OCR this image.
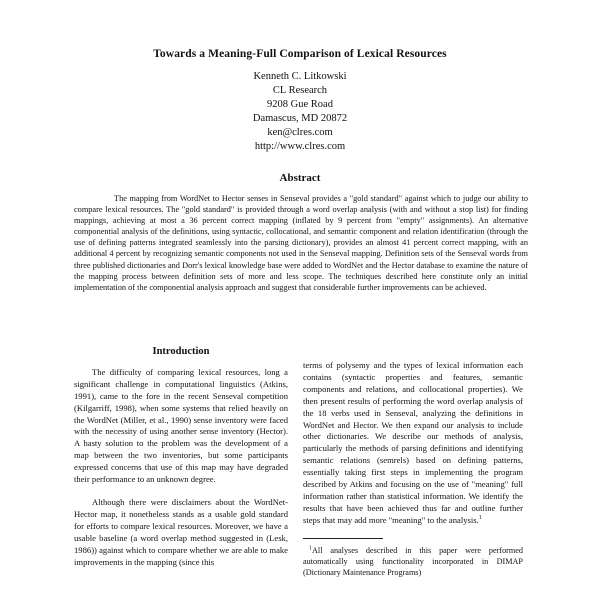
Towards a Meaning-Full Comparison of Lexical Resources
Kenneth C. Litkowski
CL Research
9208 Gue Road
Damascus, MD 20872
ken@clres.com
http://www.clres.com
Abstract

The mapping from WordNet to Hector senses in Senseval provides a "gold standard" against which to judge our ability to compare lexical resources. The "gold standard" is provided through a word overlap analysis (with and without a stop list) for finding mappings, achieving at most a 36 percent correct mapping (inflated by 9 percent from "empty" assignments). An alternative componential analysis of the definitions, using syntactic, collocational, and semantic component and relation identification (through the use of defining patterns integrated seamlessly into the parsing dictionary), provides an almost 41 percent correct mapping, with an additional 4 percent by recognizing semantic components not used in the Senseval mapping. Definition sets of the Senseval words from three published dictionaries and Dorr's lexical knowledge base were added to WordNet and the Hector database to examine the nature of the mapping process between definition sets of more and less scope. The techniques described here constitute only an initial implementation of the componential analysis approach and suggest that considerable further improvements can be achieved.

Introduction

The difficulty of comparing lexical resources, long a significant challenge in computational linguistics (Atkins, 1991), came to the fore in the recent Senseval competition (Kilgarriff, 1998), when some systems that relied heavily on the WordNet (Miller, et al., 1990) sense inventory were faced with the necessity of using another sense inventory (Hector). A hasty solution to the problem was the development of a map between the two inventories, but some participants expressed concerns that use of this map may have degraded their performance to an unknown degree.

Although there were disclaimers about the WordNet-Hector map, it nonetheless stands as a usable gold standard for efforts to compare lexical resources. Moreover, we have a usable baseline (a word overlap method suggested in (Lesk, 1986)) against which to compare whether we are able to make improvements in the mapping (since this

terms of polysemy and the types of lexical information each contains (syntactic properties and features, semantic components and relations, and collocational properties). We then present results of performing the word overlap analysis of the 18 verbs used in Senseval, analyzing the definitions in WordNet and Hector. We then expand our analysis to include other dictionaries. We describe our methods of analysis, particularly the methods of parsing definitions and identifying semantic relations (semrels) based on defining patterns, essentially taking first steps in implementing the program described by Atkins and focusing on the use of "meaning" full information rather than statistical information. We identify the results that have been achieved thus far and outline further steps that may add more "meaning" to the analysis.$^1$

$^1$All analyses described in this paper were performed automatically using functionality incorporated in DIMAP (Dictionary Maintenance Programs)
